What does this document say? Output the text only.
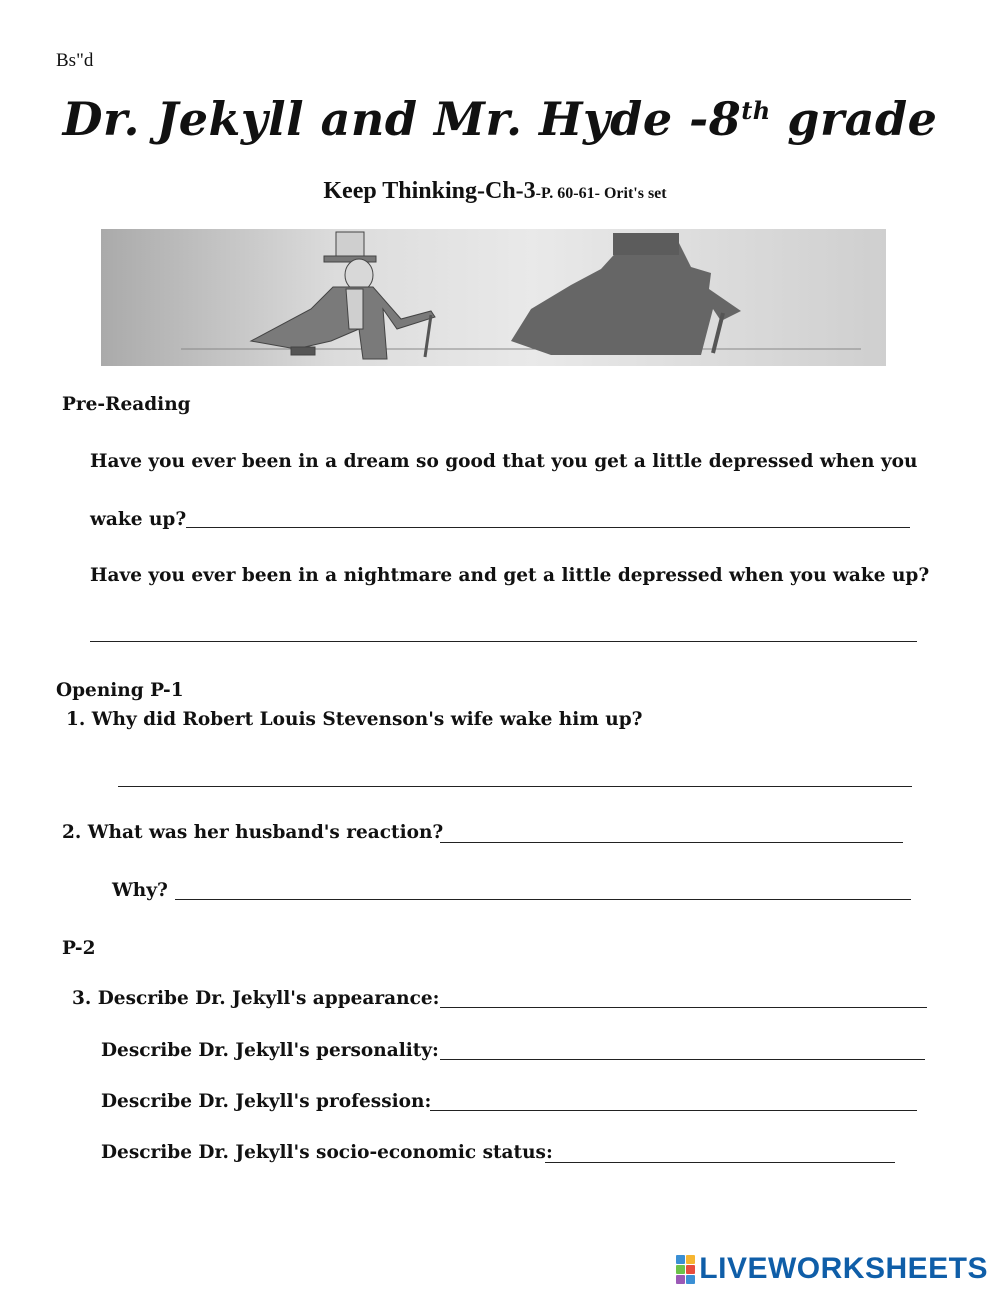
Bs"d
Dr. Jekyll and Mr. Hyde -8th grade
Keep Thinking-Ch-3-P. 60-61- Orit's set
Pre-Reading
Have you ever been in a dream so good that you get a little depressed when you
wake up?
Have you ever been in a nightmare and get a little depressed when you wake up?
Opening P-1
1. Why did Robert Louis Stevenson's wife wake him up?
2. What was her husband's reaction?
Why?
P-2
3. Describe Dr. Jekyll's appearance:
Describe Dr. Jekyll's personality:
Describe Dr. Jekyll's profession:
Describe Dr. Jekyll's socio-economic status:
LIVEWORKSHEETS
